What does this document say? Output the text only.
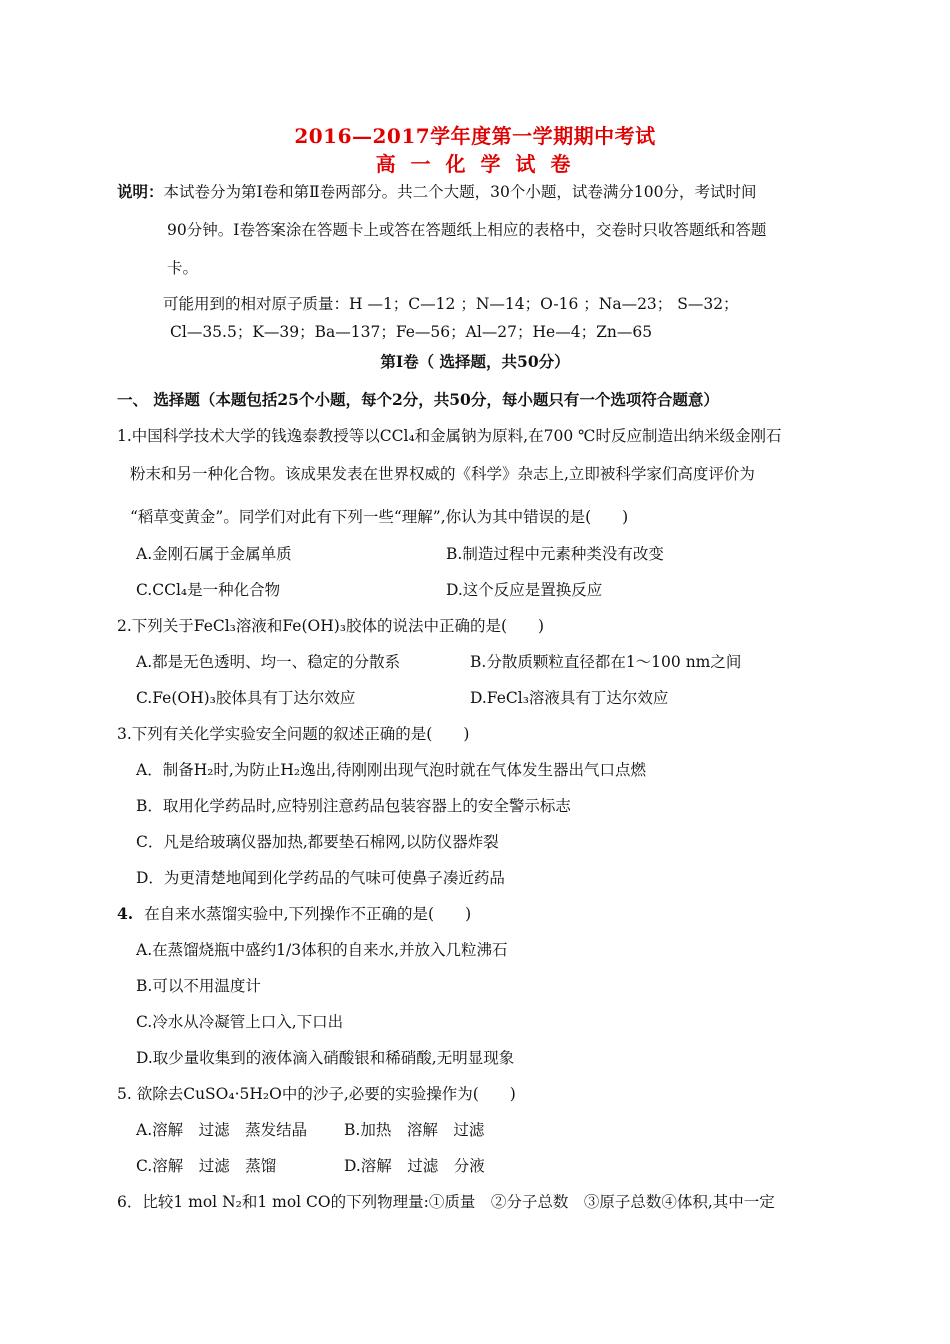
2016—2017学年度第一学期期中考试
高 一 化 学 试 卷
说明：本试卷分为第Ⅰ卷和第Ⅱ卷两部分。共二个大题，30个小题，试卷满分100分，考试时间
90分钟。Ⅰ卷答案涂在答题卡上或答在答题纸上相应的表格中，交卷时只收答题纸和答题
卡。
可能用到的相对原子质量：H —1；C—12 ；N—14；O-16 ；Na—23； S—32；
Cl—35.5；K—39；Ba—137；Fe—56；Al—27；He—4；Zn—65
第Ⅰ卷（ 选择题，共50分）
一、 选择题（本题包括25个小题，每个2分，共50分，每小题只有一个选项符合题意）
1.中国科学技术大学的钱逸泰教授等以CCl₄和金属钠为原料,在700 ℃时反应制造出纳米级金刚石
粉末和另一种化合物。该成果发表在世界权威的《科学》杂志上,立即被科学家们高度评价为
“稻草变黄金”。同学们对此有下列一些“理解”,你认为其中错误的是(　　)
A.金刚石属于金属单质	B.制造过程中元素种类没有改变
C.CCl₄是一种化合物	D.这个反应是置换反应
2.下列关于FeCl₃溶液和Fe(OH)₃胶体的说法中正确的是(　　)
A.都是无色透明、均一、稳定的分散系	B.分散质颗粒直径都在1～100 nm之间
C.Fe(OH)₃胶体具有丁达尔效应	D.FeCl₃溶液具有丁达尔效应
3.下列有关化学实验安全问题的叙述正确的是(　　)
A．制备H₂时,为防止H₂逸出,待刚刚出现气泡时就在气体发生器出气口点燃
B．取用化学药品时,应特别注意药品包装容器上的安全警示标志
C．凡是给玻璃仪器加热,都要垫石棉网,以防仪器炸裂
D．为更清楚地闻到化学药品的气味可使鼻子凑近药品
4. 在自来水蒸馏实验中,下列操作不正确的是(　　)
A.在蒸馏烧瓶中盛约1/3体积的自来水,并放入几粒沸石
B.可以不用温度计
C.冷水从冷凝管上口入,下口出
D.取少量收集到的液体滴入硝酸银和稀硝酸,无明显现象
5. 欲除去CuSO₄·5H₂O中的沙子,必要的实验操作为(　　)
A.溶解　过滤　蒸发结晶 B.加热　溶解　过滤
C.溶解　过滤　蒸馏	D.溶解　过滤　分液
6．比较1 mol N₂和1 mol CO的下列物理量:①质量　②分子总数　③原子总数④体积,其中一定
